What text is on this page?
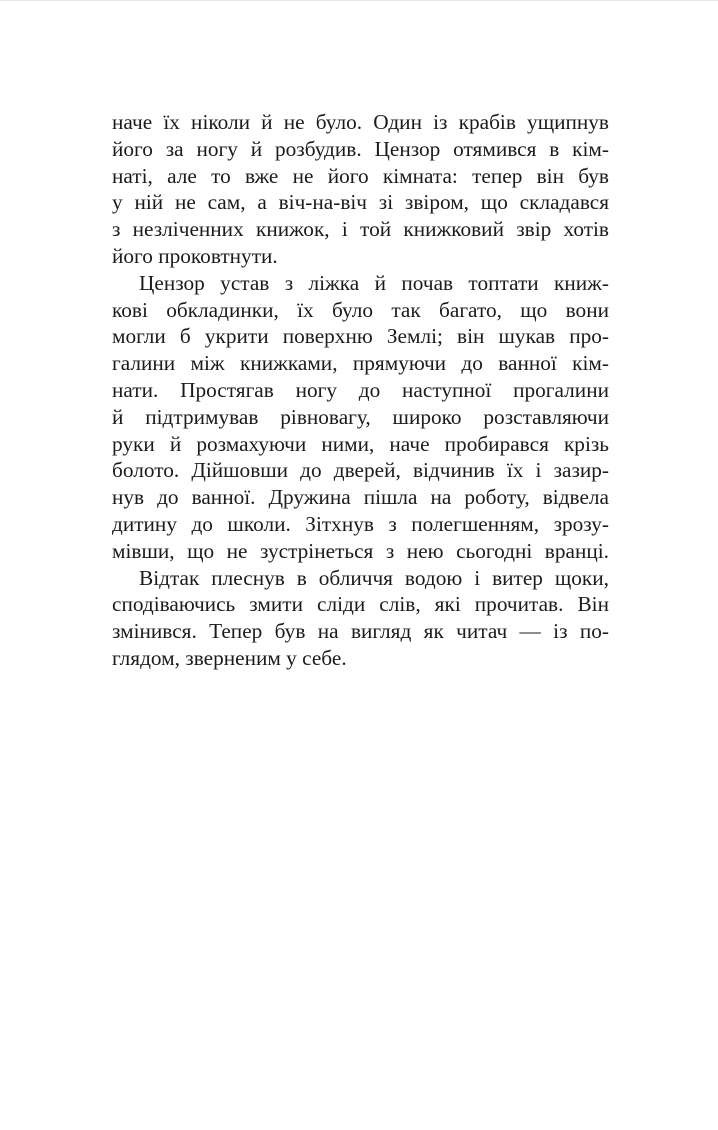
наче їх ніколи й не було. Один із крабів ущипнув
його за ногу й розбудив. Цензор отямився в кім-
наті, але то вже не його кімната: тепер він був
у ній не сам, а віч-на-віч зі звіром, що складався
з незліченних книжок, і той книжковий звір хотів
його проковтнути.

Цензор устав з ліжка й почав топтати книж-
кові обкладинки, їх було так багато, що вони
могли б укрити поверхню Землі; він шукав про-
галини між книжками, прямуючи до ванної кім-
нати. Простягав ногу до наступної прогалини
й підтримував рівновагу, широко розставляючи
руки й розмахуючи ними, наче пробирався крізь
болото. Дійшовши до дверей, відчинив їх і зазир-
нув до ванної. Дружина пішла на роботу, відвела
дитину до школи. Зітхнув з полегшенням, зрозу-
мівши, що не зустрінеться з нею сьогодні вранці.

Відтак плеснув в обличчя водою і витер щоки,
сподіваючись змити сліди слів, які прочитав. Він
змінився. Тепер був на вигляд як читач — із по-
глядом, зверненим у себе.
